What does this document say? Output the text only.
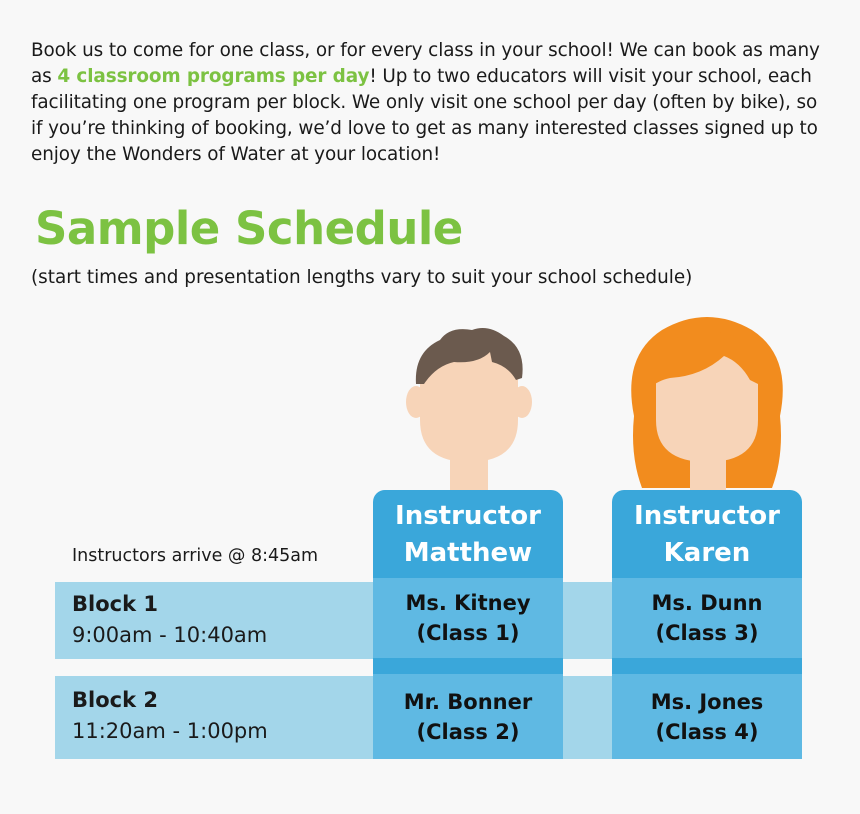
Book us to come for one class, or for every class in your school! We can book as many as 4 classroom programs per day! Up to two educators will visit your school, each facilitating one program per block. We only visit one school per day (often by bike), so if you’re thinking of booking, we’d love to get as many interested classes signed up to enjoy the Wonders of Water at your location!

Sample Schedule

(start times and presentation lengths vary to suit your school schedule)

Instructors arrive @ 8:45am

Block 1
9:00am - 10:40am
Block 2
11:20am - 1:00pm
Instructor
Matthew
Ms. Kitney
(Class 1)
Mr. Bonner
(Class 2)
Instructor
Karen
Ms. Dunn
(Class 3)
Ms. Jones
(Class 4)
